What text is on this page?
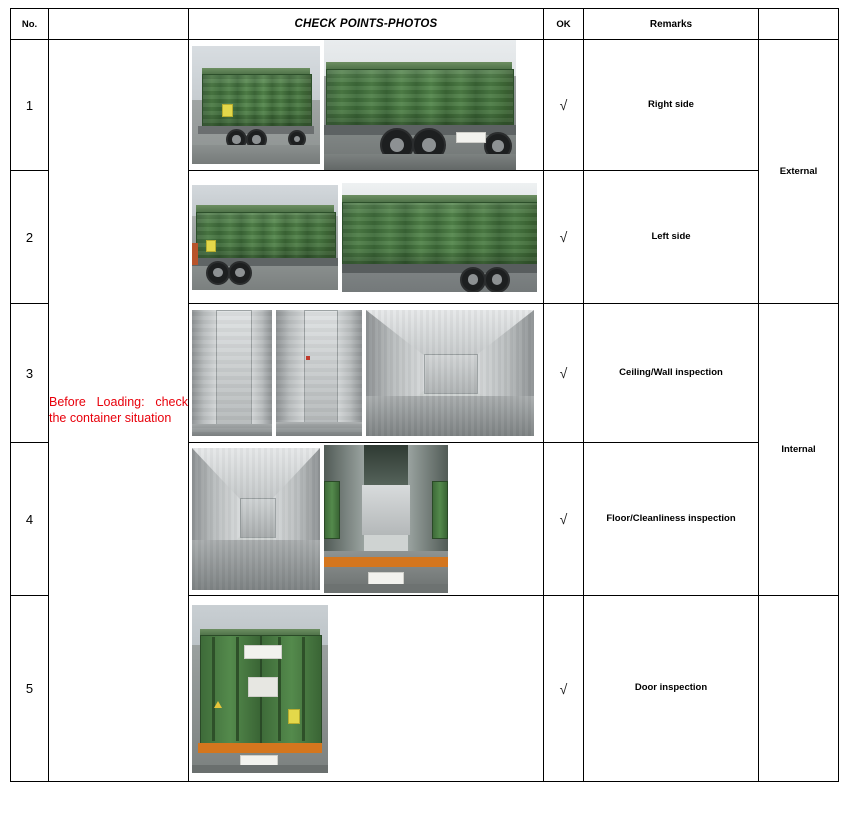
No.		CHECK POINTS-PHOTOS	OK	Remarks	
1	Before Loading: check the container situation		√	Right side	External
2			√	Left side	
3			√	Ceiling/Wall inspection	Internal
4			√	Floor/Cleanliness inspection	
5			√	Door inspection	
